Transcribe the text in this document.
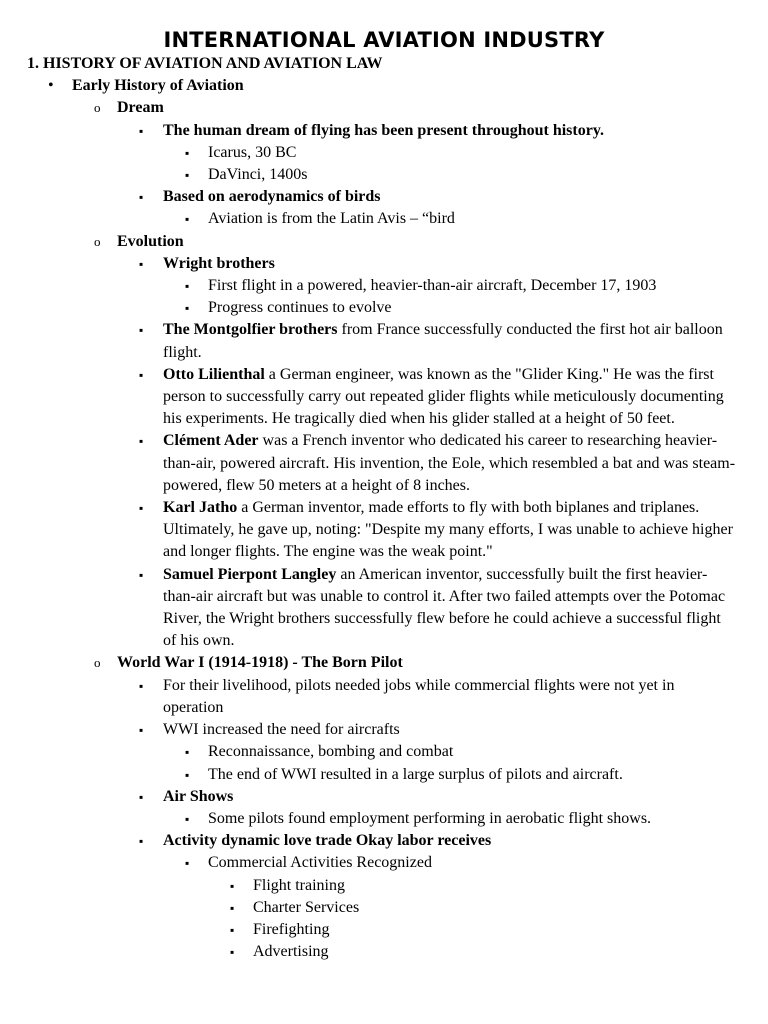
INTERNATIONAL AVIATION INDUSTRY
1. HISTORY OF AVIATION AND AVIATION LAW
• Early History of Aviation
o Dream
▪ The human dream of flying has been present throughout history.
▪ Icarus, 30 BC
▪ DaVinci, 1400s
▪ Based on aerodynamics of birds
▪ Aviation is from the Latin Avis – “bird
o Evolution
▪ Wright brothers
▪ First flight in a powered, heavier-than-air aircraft, December 17, 1903
▪ Progress continues to evolve
▪ The Montgolfier brothers from France successfully conducted the first hot air balloon flight.
▪ Otto Lilienthal a German engineer, was known as the "Glider King." He was the first person to successfully carry out repeated glider flights while meticulously documenting his experiments. He tragically died when his glider stalled at a height of 50 feet.
▪ Clément Ader was a French inventor who dedicated his career to researching heavier-than-air, powered aircraft. His invention, the Eole, which resembled a bat and was steam-powered, flew 50 meters at a height of 8 inches.
▪ Karl Jatho a German inventor, made efforts to fly with both biplanes and triplanes. Ultimately, he gave up, noting: "Despite my many efforts, I was unable to achieve higher and longer flights. The engine was the weak point."
▪ Samuel Pierpont Langley an American inventor, successfully built the first heavier-than-air aircraft but was unable to control it. After two failed attempts over the Potomac River, the Wright brothers successfully flew before he could achieve a successful flight of his own.
o World War I (1914-1918) - The Born Pilot
▪ For their livelihood, pilots needed jobs while commercial flights were not yet in operation
▪ WWI increased the need for aircrafts
▪ Reconnaissance, bombing and combat
▪ The end of WWI resulted in a large surplus of pilots and aircraft.
▪ Air Shows
▪ Some pilots found employment performing in aerobatic flight shows.
▪ Activity dynamic love trade Okay labor receives
▪ Commercial Activities Recognized
▪ Flight training
▪ Charter Services
▪ Firefighting
▪ Advertising
